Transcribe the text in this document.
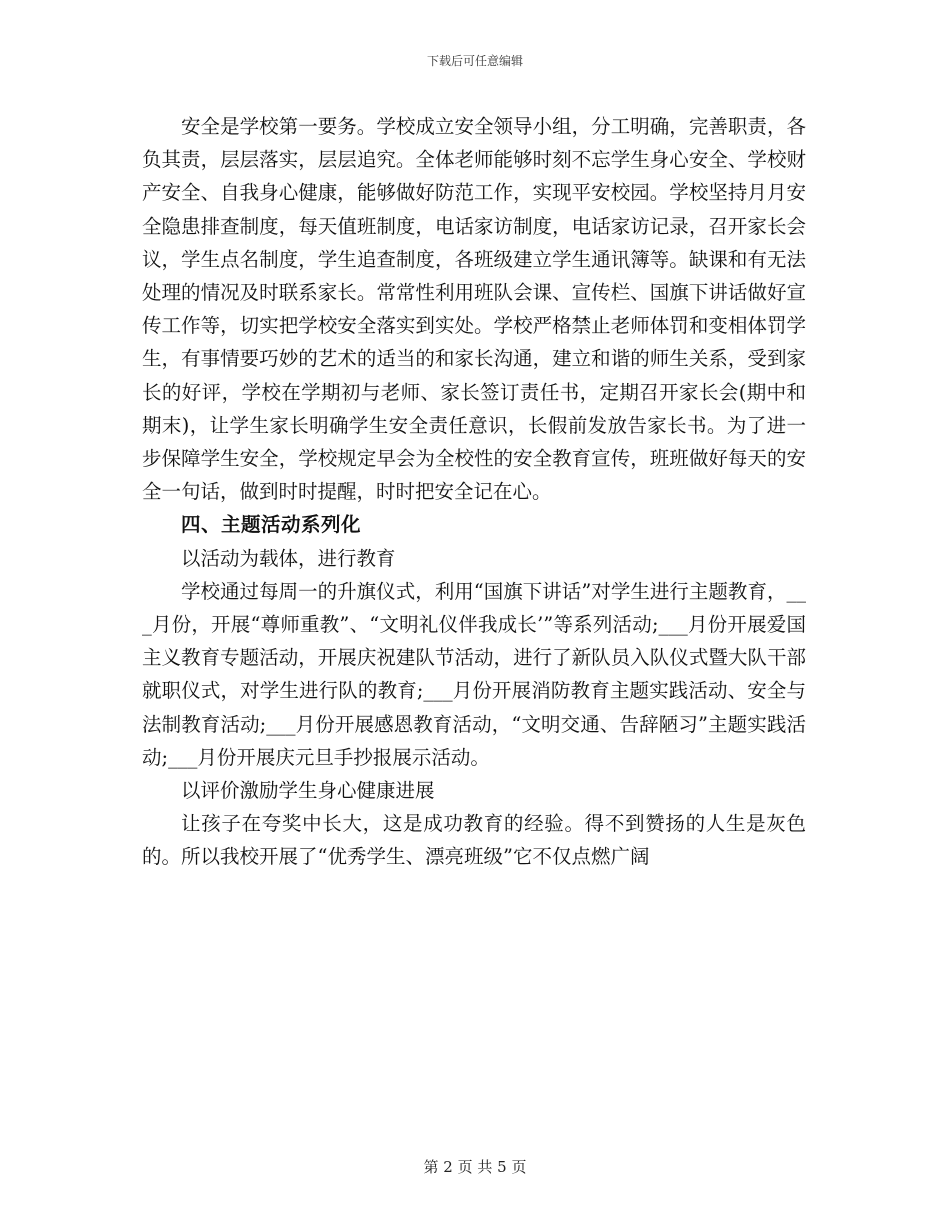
下载后可任意编辑

安全是学校第一要务。学校成立安全领导小组，分工明确，完善职责，各负其责，层层落实，层层追究。全体老师能够时刻不忘学生身心安全、学校财产安全、自我身心健康，能够做好防范工作，实现平安校园。学校坚持月月安全隐患排查制度，每天值班制度，电话家访制度，电话家访记录，召开家长会议，学生点名制度，学生追查制度，各班级建立学生通讯簿等。缺课和有无法处理的情况及时联系家长。常常性利用班队会课、宣传栏、国旗下讲话做好宣传工作等，切实把学校安全落实到实处。学校严格禁止老师体罚和变相体罚学生，有事情要巧妙的艺术的适当的和家长沟通，建立和谐的师生关系，受到家长的好评，学校在学期初与老师、家长签订责任书，定期召开家长会(期中和期末)，让学生家长明确学生安全责任意识，长假前发放告家长书。为了进一步保障学生安全，学校规定早会为全校性的安全教育宣传，班班做好每天的安全一句话，做到时时提醒，时时把安全记在心。

四、主题活动系列化

以活动为载体，进行教育

学校通过每周一的升旗仪式，利用“国旗下讲话”对学生进行主题教育，___月份，开展“尊师重教”、“文明礼仪伴我成长’”等系列活动;___月份开展爱国主义教育专题活动，开展庆祝建队节活动，进行了新队员入队仪式暨大队干部就职仪式，对学生进行队的教育;___月份开展消防教育主题实践活动、安全与法制教育活动;___月份开展感恩教育活动，“文明交通、告辞陋习”主题实践活动;___月份开展庆元旦手抄报展示活动。

以评价激励学生身心健康进展

让孩子在夸奖中长大，这是成功教育的经验。得不到赞扬的人生是灰色的。所以我校开展了“优秀学生、漂亮班级”它不仅点燃广阔

第 2 页 共 5 页
